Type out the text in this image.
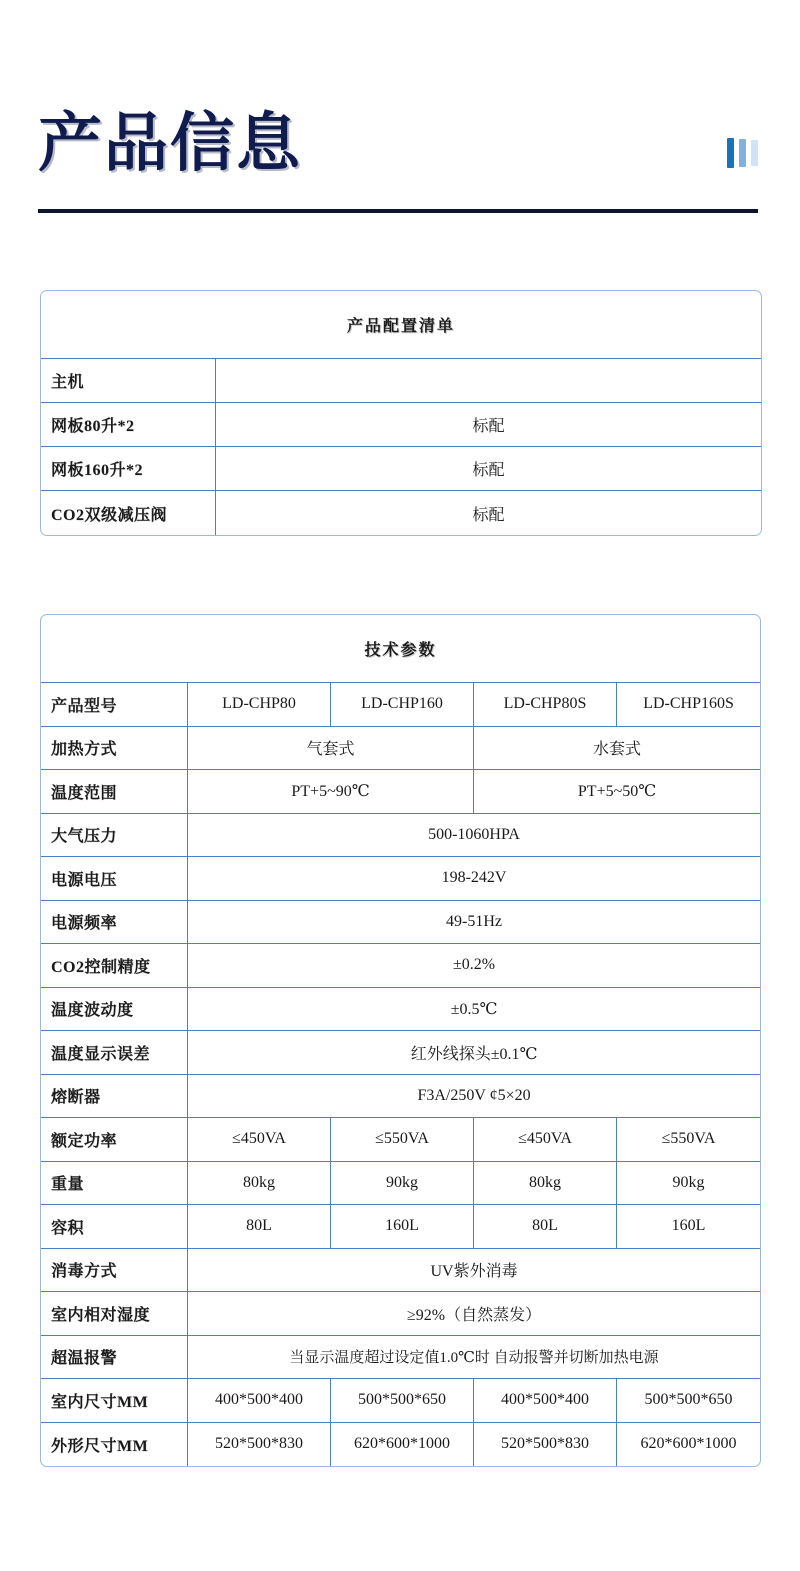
产品信息
产品配置清单	
主机	
网板80升*2	标配
网板160升*2	标配
CO2双级减压阀	标配
技术参数				
产品型号	LD-CHP80	LD-CHP160	LD-CHP80S	LD-CHP160S
加热方式	气套式		水套式	
温度范围	PT+5~90℃		PT+5~50℃	
大气压力	500-1060HPA			
电源电压	198-242V			
电源频率	49-51Hz			
CO2控制精度	±0.2%			
温度波动度	±0.5℃			
温度显示误差	红外线探头±0.1℃			
熔断器	F3A/250V ¢5×20			
额定功率	≤450VA	≤550VA	≤450VA	≤550VA
重量	80kg	90kg	80kg	90kg
容积	80L	160L	80L	160L
消毒方式	UV紫外消毒			
室内相对湿度	≥92%（自然蒸发）			
超温报警	当显示温度超过设定值1.0℃时 自动报警并切断加热电源			
室内尺寸MM	400*500*400	500*500*650	400*500*400	500*500*650
外形尺寸MM	520*500*830	620*600*1000	520*500*830	620*600*1000
